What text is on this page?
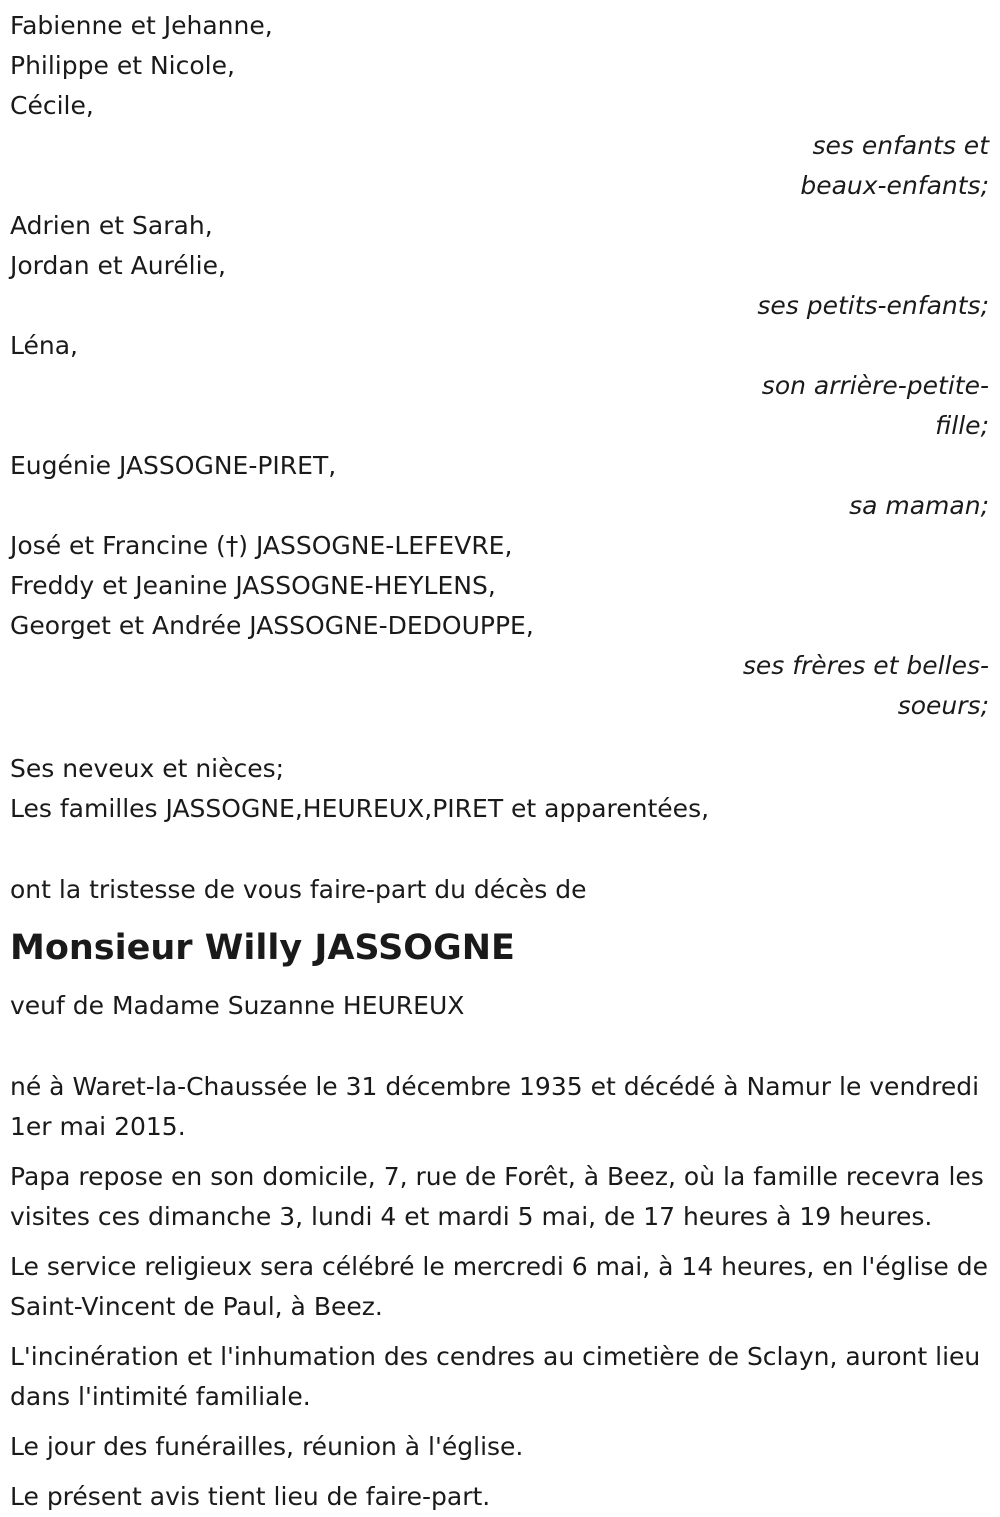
Fabienne et Jehanne,
Philippe et Nicole,
Cécile,
ses enfants et
beaux-enfants;
Adrien et Sarah,
Jordan et Aurélie,
ses petits-enfants;
Léna,
son arrière-petite-
fille;
Eugénie JASSOGNE-PIRET,
sa maman;
José et Francine (†) JASSOGNE-LEFEVRE,
Freddy et Jeanine JASSOGNE-HEYLENS,
Georget et Andrée JASSOGNE-DEDOUPPE,
ses frères et belles-
soeurs;
Ses neveux et nièces;
Les familles JASSOGNE,HEUREUX,PIRET et apparentées,
ont la tristesse de vous faire-part du décès de
Monsieur Willy JASSOGNE
veuf de Madame Suzanne HEUREUX
né à Waret-la-Chaussée le 31 décembre 1935 et décédé à Namur le vendredi 1er mai 2015.
Papa repose en son domicile, 7, rue de Forêt, à Beez, où la famille recevra les visites ces dimanche 3, lundi 4 et mardi 5 mai, de 17 heures à 19 heures.
Le service religieux sera célébré le mercredi 6 mai, à 14 heures, en l'église de Saint-Vincent de Paul, à Beez.
L'incinération et l'inhumation des cendres au cimetière de Sclayn, auront lieu dans l'intimité familiale.
Le jour des funérailles, réunion à l'église.
Le présent avis tient lieu de faire-part.
